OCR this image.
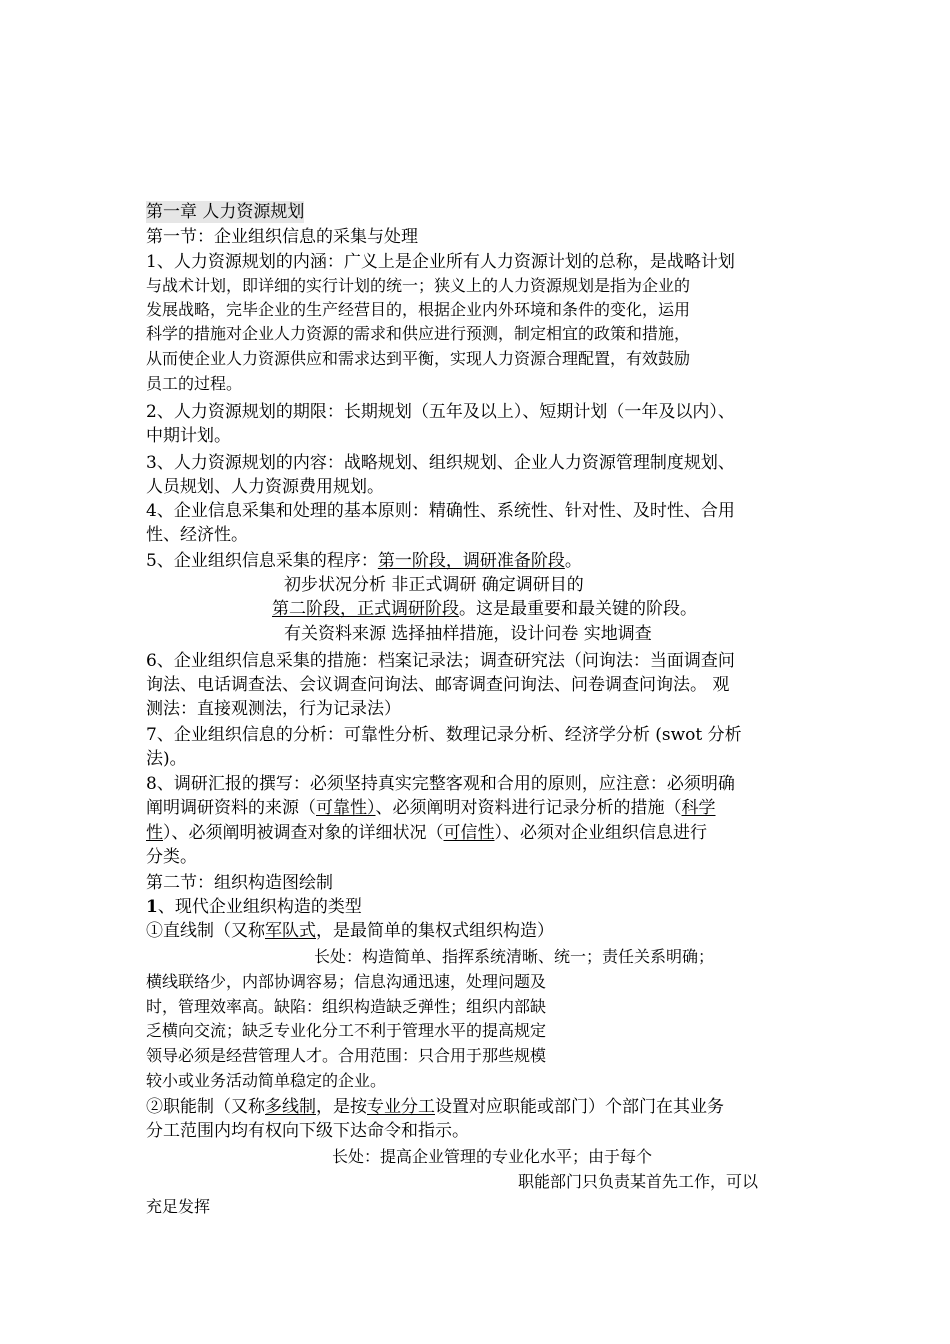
第一章 人力资源规划
第一节：企业组织信息的采集与处理
1、人力资源规划的内涵：广义上是企业所有人力资源计划的总称，是战略计划
与战术计划，即详细的实行计划的统一；狭义上的人力资源规划是指为企业的
发展战略，完毕企业的生产经营目的，根据企业内外环境和条件的变化，运用
科学的措施对企业人力资源的需求和供应进行预测，制定相宜的政策和措施，
从而使企业人力资源供应和需求达到平衡，实现人力资源合理配置，有效鼓励
员工的过程。
2、人力资源规划的期限：长期规划（五年及以上）、短期计划（一年及以内）、
中期计划。
3、人力资源规划的内容：战略规划、组织规划、企业人力资源管理制度规划、
人员规划、人力资源费用规划。
4、企业信息采集和处理的基本原则：精确性、系统性、针对性、及时性、合用
性、经济性。
5、企业组织信息采集的程序：第一阶段，调研准备阶段。
初步状况分析 非正式调研 确定调研目的
第二阶段，正式调研阶段。这是最重要和最关键的阶段。
有关资料来源 选择抽样措施，设计问卷 实地调查
6、企业组织信息采集的措施：档案记录法；调查研究法（问询法：当面调查问
询法、电话调查法、会议调查问询法、邮寄调查问询法、问卷调查问询法。 观
测法：直接观测法，行为记录法）
7、企业组织信息的分析：可靠性分析、数理记录分析、经济学分析 (swot 分析
法)。
8、调研汇报的撰写：必须坚持真实完整客观和合用的原则，应注意：必须明确
阐明调研资料的来源（可靠性）、必须阐明对资料进行记录分析的措施（科学
性）、必须阐明被调查对象的详细状况（可信性）、必须对企业组织信息进行
分类。
第二节：组织构造图绘制
1、现代企业组织构造的类型
①直线制（又称军队式，是最简单的集权式组织构造）
长处：构造简单、指挥系统清晰、统一；责任关系明确；
横线联络少，内部协调容易；信息沟通迅速，处理问题及
时，管理效率高。缺陷：组织构造缺乏弹性；组织内部缺
乏横向交流；缺乏专业化分工不利于管理水平的提高规定
领导必须是经营管理人才。合用范围：只合用于那些规模
较小或业务活动简单稳定的企业。
②职能制（又称多线制，是按专业分工设置对应职能或部门）个部门在其业务
分工范围内均有权向下级下达命令和指示。
长处：提高企业管理的专业化水平；由于每个
职能部门只负责某首先工作，可以
充足发挥
